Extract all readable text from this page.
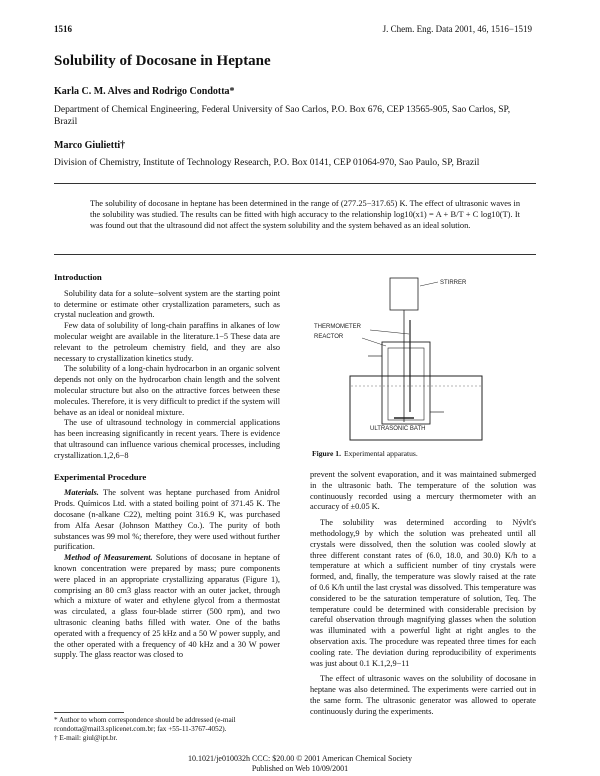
1516	J. Chem. Eng. Data 2001, 46, 1516−1519
Solubility of Docosane in Heptane
Karla C. M. Alves and Rodrigo Condotta*
Department of Chemical Engineering, Federal University of Sao Carlos, P.O. Box 676, CEP 13565-905, Sao Carlos, SP, Brazil
Marco Giulietti†
Division of Chemistry, Institute of Technology Research, P.O. Box 0141, CEP 01064-970, Sao Paulo, SP, Brazil
The solubility of docosane in heptane has been determined in the range of (277.25−317.65) K. The effect of ultrasonic waves in the solubility was studied. The results can be fitted with high accuracy to the relationship log10(x1) = A + B/T + C log10(T). It was found out that the ultrasound did not affect the system solubility and the system behaved as an ideal solution.
Introduction

Solubility data for a solute−solvent system are the starting point to determine or estimate other crystallization parameters, such as crystal nucleation and growth.

Few data of solubility of long-chain paraffins in alkanes of low molecular weight are available in the literature.1−5 These data are relevant to the petroleum chemistry field, and they are also necessary to crystallization kinetics study.

The solubility of a long-chain hydrocarbon in an organic solvent depends not only on the hydrocarbon chain length and the solvent molecular structure but also on the attractive forces between these molecules. Therefore, it is very difficult to predict if the system will behave as an ideal or nonideal mixture.

The use of ultrasound technology in commercial applications has been increasing significantly in recent years. There is evidence that ultrasound can influence various chemical processes, including crystallization.1,2,6−8

Experimental Procedure

Materials. The solvent was heptane purchased from Anidrol Prods. Químicos Ltd. with a stated boiling point of 371.45 K. The docosane (n-alkane C22), melting point 316.9 K, was purchased from Alfa Aesar (Johnson Matthey Co.). The purity of both substances was 99 mol %; therefore, they were used without further purification.

Method of Measurement. Solutions of docosane in heptane of known concentration were prepared by mass; pure components were placed in an appropriate crystallizing apparatus (Figure 1), comprising an 80 cm3 glass reactor with an outer jacket, through which a mixture of water and ethylene glycol from a thermostat was circulated, a glass four-blade stirrer (500 rpm), and two ultrasonic cleaning baths filled with water. One of the baths operated with a frequency of 25 kHz and a 50 W power supply, and the other operated with a frequency of 40 kHz and a 30 W power supply. The glass reactor was closed to

STIRRER
THERMOMETER
REACTOR
ULTRASONIC BATH
Figure 1. Experimental apparatus.

prevent the solvent evaporation, and it was maintained submerged in the ultrasonic bath. The temperature of the solution was continuously recorded using a mercury thermometer with an accuracy of ±0.05 K.

The solubility was determined according to Nývlt's methodology,9 by which the solution was preheated until all crystals were dissolved, then the solution was cooled slowly at three different constant rates of (6.0, 18.0, and 30.0) K/h to a temperature at which a sufficient number of tiny crystals were formed, and, finally, the temperature was slowly raised at the rate of 0.6 K/h until the last crystal was dissolved. This temperature was considered to be the saturation temperature of solution, Teq. The temperature could be determined with considerable precision by careful observation through magnifying glasses when the solution was illuminated with a powerful light at right angles to the observation axis. The procedure was repeated three times for each cooling rate. The deviation during reproducibility of experiments was just about 0.1 K.1,2,9−11

The effect of ultrasonic waves on the solubility of docosane in heptane was also determined. The experiments were carried out in the same form. The ultrasonic generator was allowed to operate continuously during the experiments.

* Author to whom correspondence should be addressed (e-mail rcondotta@mail3.splicenet.com.br; fax +55-11-3767-4052).
† E-mail: giul@ipt.br.
10.1021/je010032h CCC: $20.00 © 2001 American Chemical Society
Published on Web 10/09/2001
